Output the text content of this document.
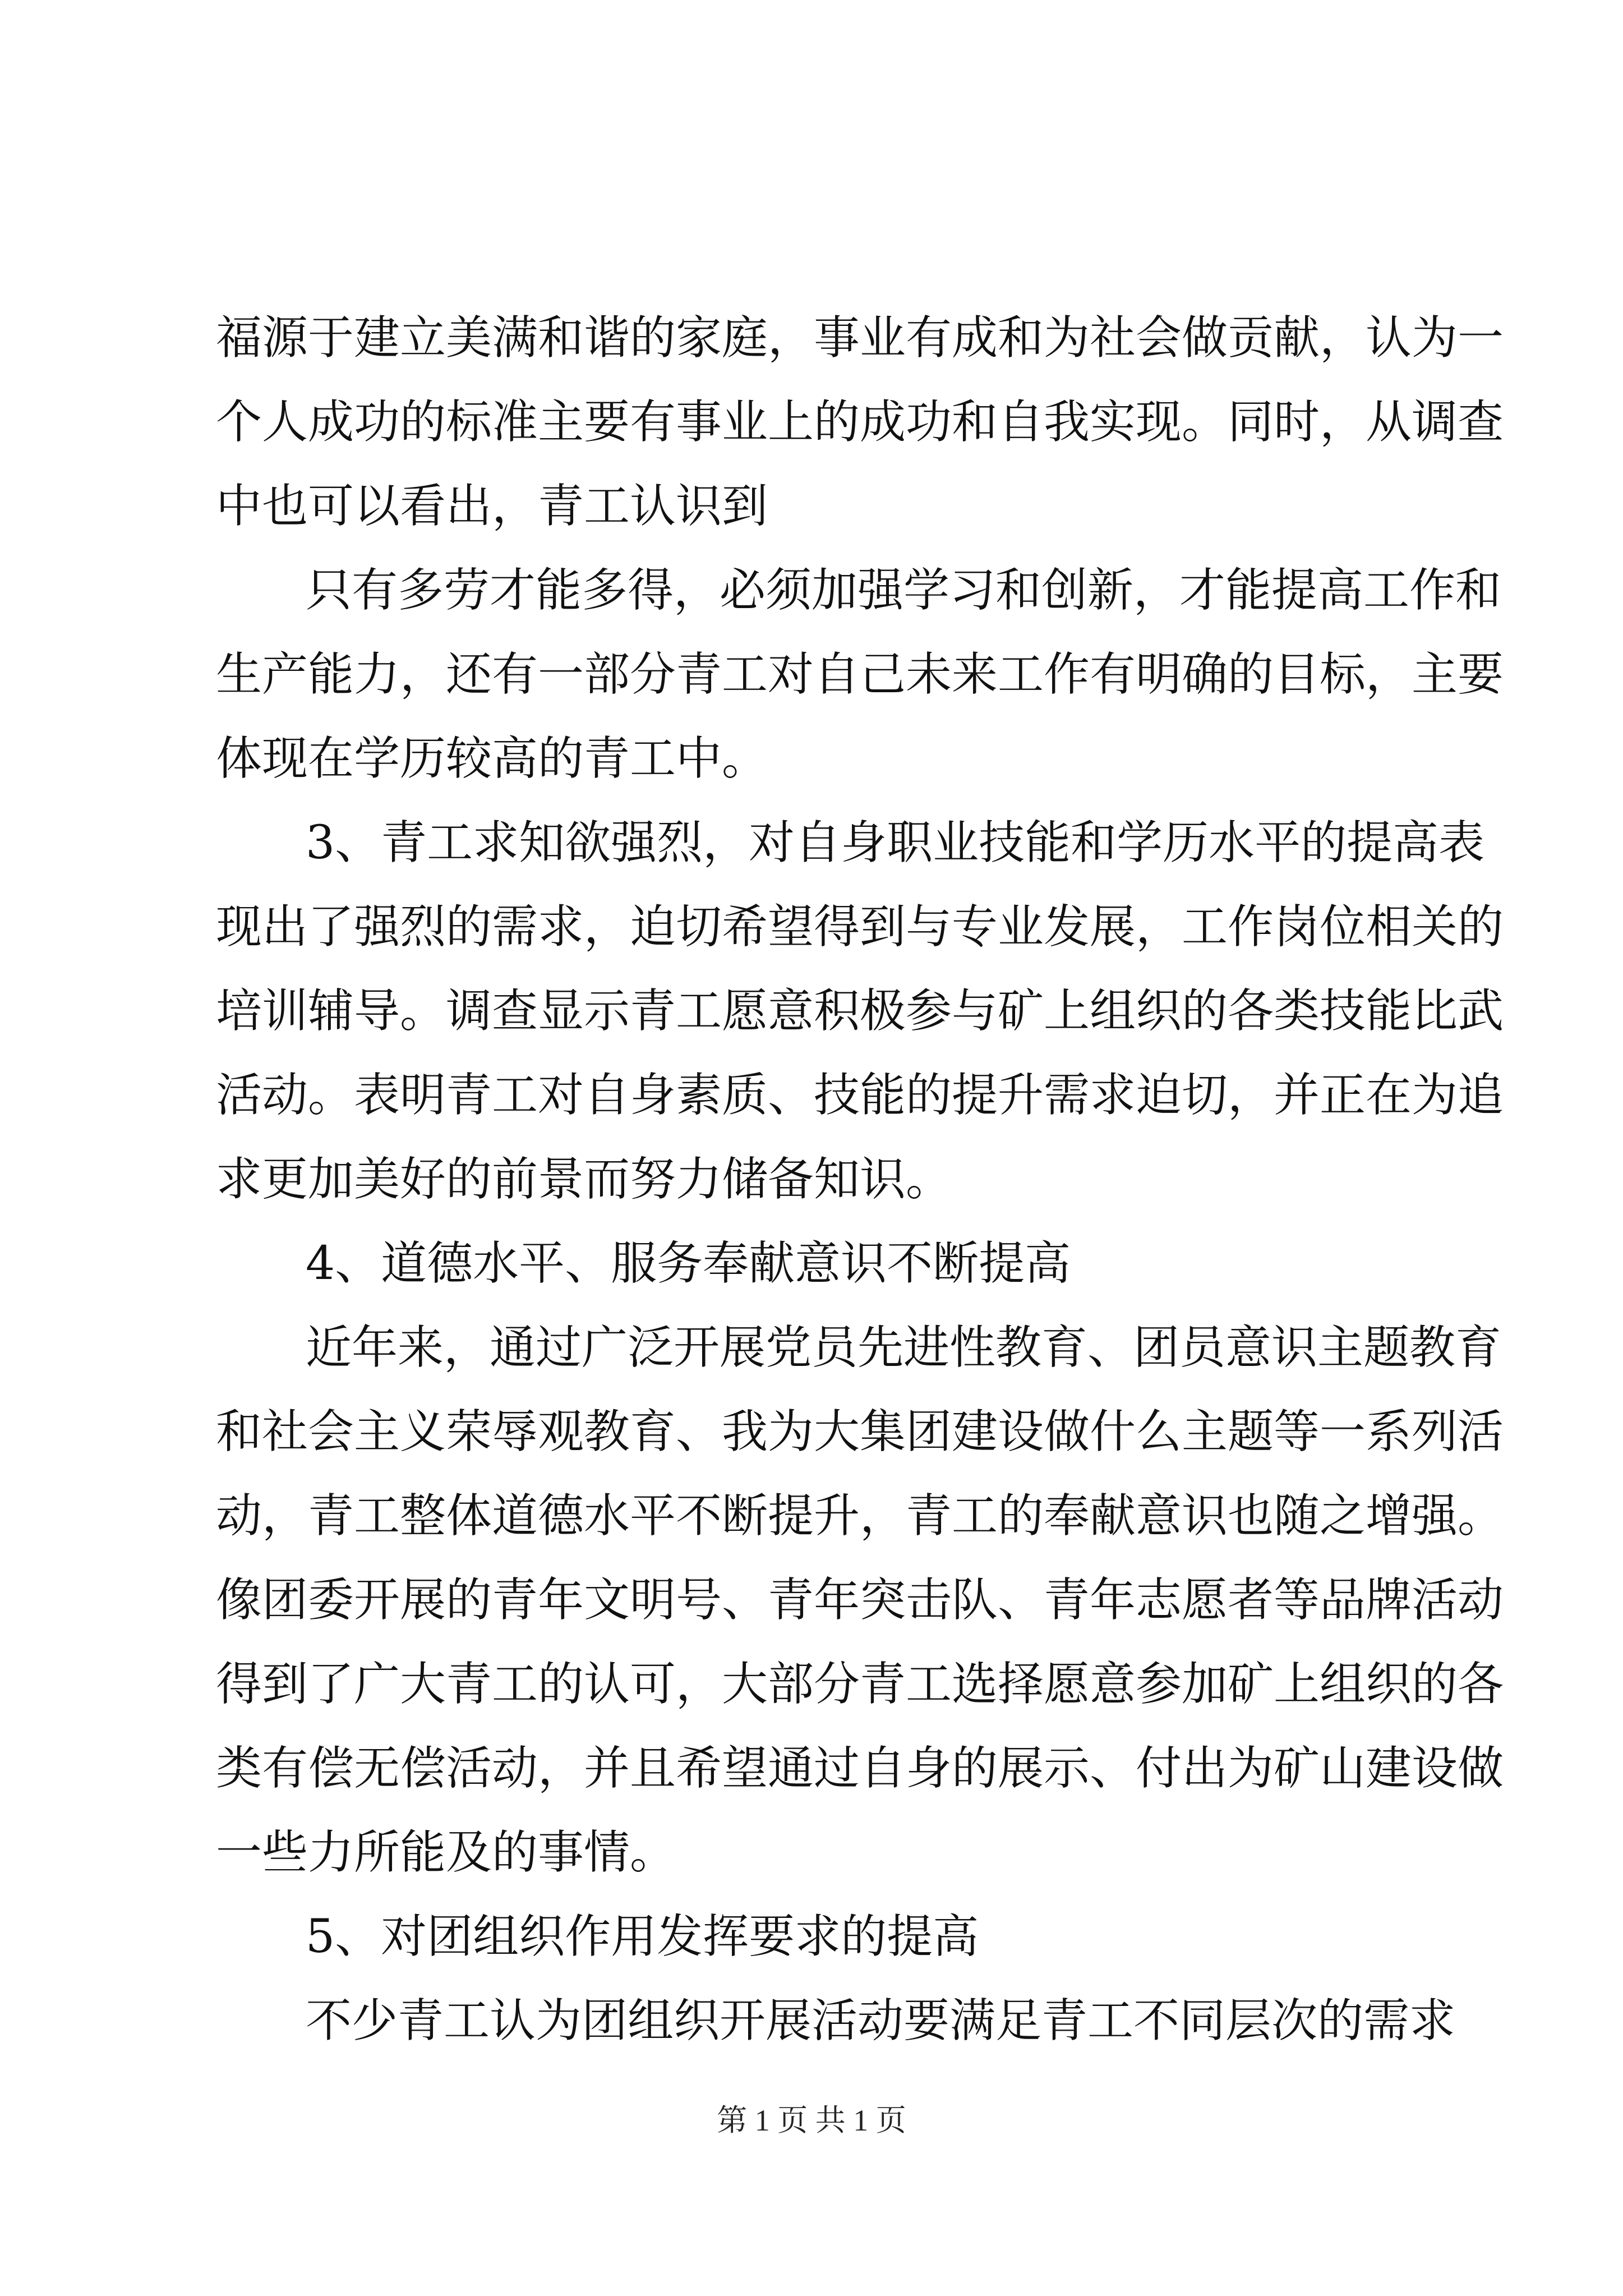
福源于建立美满和谐的家庭，事业有成和为社会做贡献，认为一
个人成功的标准主要有事业上的成功和自我实现。同时，从调查
中也可以看出，青工认识到
只有多劳才能多得，必须加强学习和创新，才能提高工作和
生产能力，还有一部分青工对自己未来工作有明确的目标，主要
体现在学历较高的青工中。
3、青工求知欲强烈，对自身职业技能和学历水平的提高表
现出了强烈的需求，迫切希望得到与专业发展，工作岗位相关的
培训辅导。调查显示青工愿意积极参与矿上组织的各类技能比武
活动。表明青工对自身素质、技能的提升需求迫切，并正在为追
求更加美好的前景而努力储备知识。
4、道德水平、服务奉献意识不断提高
近年来，通过广泛开展党员先进性教育、团员意识主题教育
和社会主义荣辱观教育、我为大集团建设做什么主题等一系列活
动，青工整体道德水平不断提升，青工的奉献意识也随之增强。
像团委开展的青年文明号、青年突击队、青年志愿者等品牌活动
得到了广大青工的认可，大部分青工选择愿意参加矿上组织的各
类有偿无偿活动，并且希望通过自身的展示、付出为矿山建设做
一些力所能及的事情。
5、对团组织作用发挥要求的提高
不少青工认为团组织开展活动要满足青工不同层次的需求
第 1 页 共 1 页
